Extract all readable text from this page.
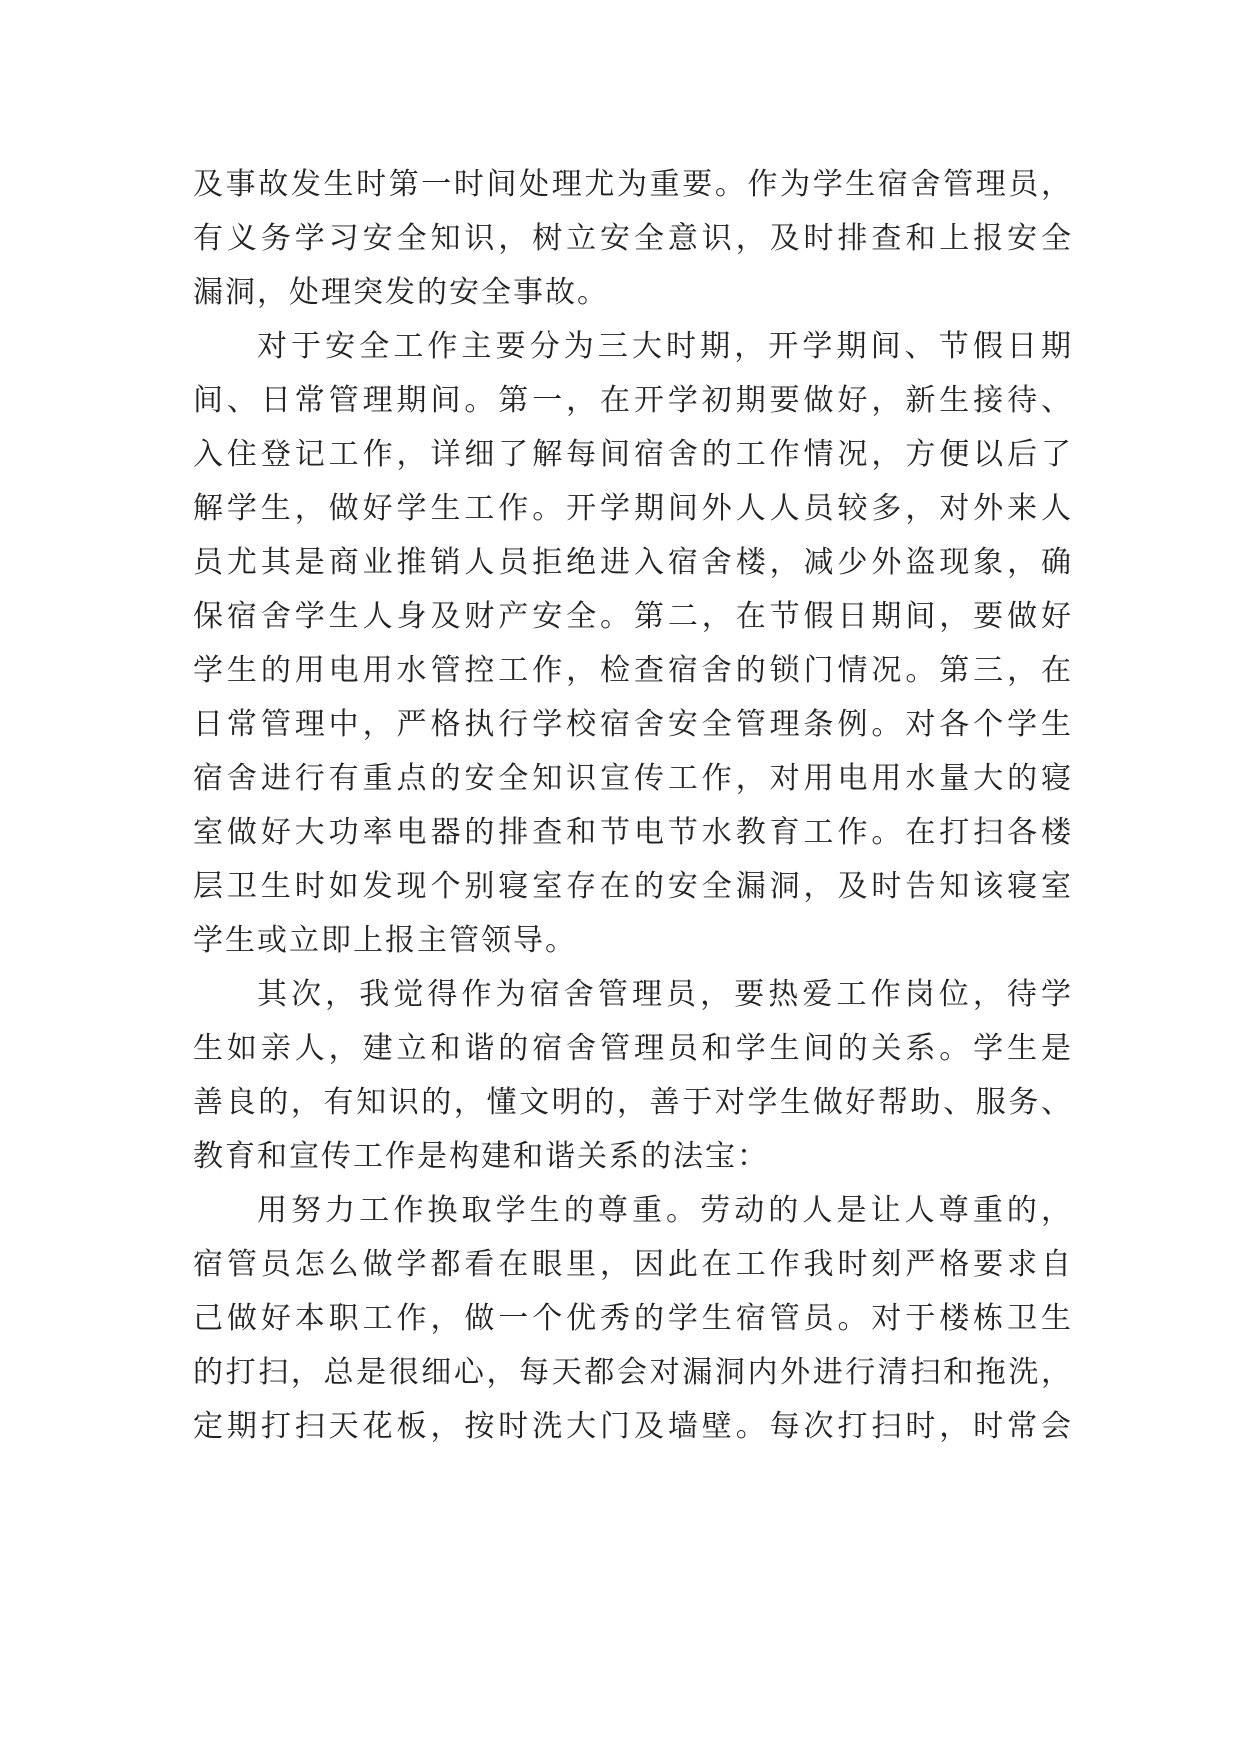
及事故发生时第一时间处理尤为重要。作为学生宿舍管理员，
有义务学习安全知识，树立安全意识，及时排查和上报安全
漏洞，处理突发的安全事故。
对于安全工作主要分为三大时期，开学期间、节假日期
间、日常管理期间。第一，在开学初期要做好，新生接待、
入住登记工作，详细了解每间宿舍的工作情况，方便以后了
解学生，做好学生工作。开学期间外人人员较多，对外来人
员尤其是商业推销人员拒绝进入宿舍楼，减少外盗现象，确
保宿舍学生人身及财产安全。第二，在节假日期间，要做好
学生的用电用水管控工作，检查宿舍的锁门情况。第三，在
日常管理中，严格执行学校宿舍安全管理条例。对各个学生
宿舍进行有重点的安全知识宣传工作，对用电用水量大的寝
室做好大功率电器的排查和节电节水教育工作。在打扫各楼
层卫生时如发现个别寝室存在的安全漏洞，及时告知该寝室
学生或立即上报主管领导。
其次，我觉得作为宿舍管理员，要热爱工作岗位，待学
生如亲人，建立和谐的宿舍管理员和学生间的关系。学生是
善良的，有知识的，懂文明的，善于对学生做好帮助、服务、
教育和宣传工作是构建和谐关系的法宝：
用努力工作换取学生的尊重。劳动的人是让人尊重的，
宿管员怎么做学都看在眼里，因此在工作我时刻严格要求自
己做好本职工作，做一个优秀的学生宿管员。对于楼栋卫生
的打扫，总是很细心，每天都会对漏洞内外进行清扫和拖洗，
定期打扫天花板，按时洗大门及墙壁。每次打扫时，时常会
